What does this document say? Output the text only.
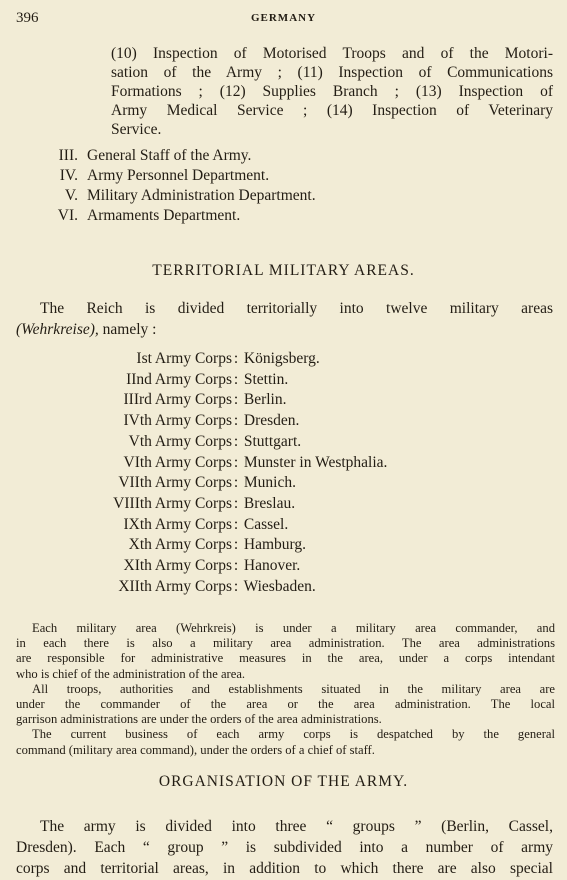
396	GERMANY
(10) Inspection of Motorised Troops and of the Motori-
sation of the Army ; (11) Inspection of Communications
Formations ; (12) Supplies Branch ; (13) Inspection of
Army Medical Service ; (14) Inspection of Veterinary
Service.
III. General Staff of the Army.
IV. Army Personnel Department.
V. Military Administration Department.
VI. Armaments Department.
TERRITORIAL MILITARY AREAS.
The Reich is divided territorially into twelve military areas
(Wehrkreise), namely :
Ist Army Corps : Königsberg.
IInd Army Corps : Stettin.
IIIrd Army Corps : Berlin.
IVth Army Corps : Dresden.
Vth Army Corps : Stuttgart.
VIth Army Corps : Munster in Westphalia.
VIIth Army Corps : Munich.
VIIIth Army Corps : Breslau.
IXth Army Corps : Cassel.
Xth Army Corps : Hamburg.
XIth Army Corps : Hanover.
XIIth Army Corps : Wiesbaden.
Each military area (Wehrkreis) is under a military area commander, and
in each there is also a military area administration. The area administrations
are responsible for administrative measures in the area, under a corps intendant
who is chief of the administration of the area.
All troops, authorities and establishments situated in the military area are
under the commander of the area or the area administration. The local
garrison administrations are under the orders of the area administrations.
The current business of each army corps is despatched by the general
command (military area command), under the orders of a chief of staff.
ORGANISATION OF THE ARMY.
The army is divided into three “ groups ” (Berlin, Cassel,
Dresden). Each “ group ” is subdivided into a number of army
corps and territorial areas, in addition to which there are also special
